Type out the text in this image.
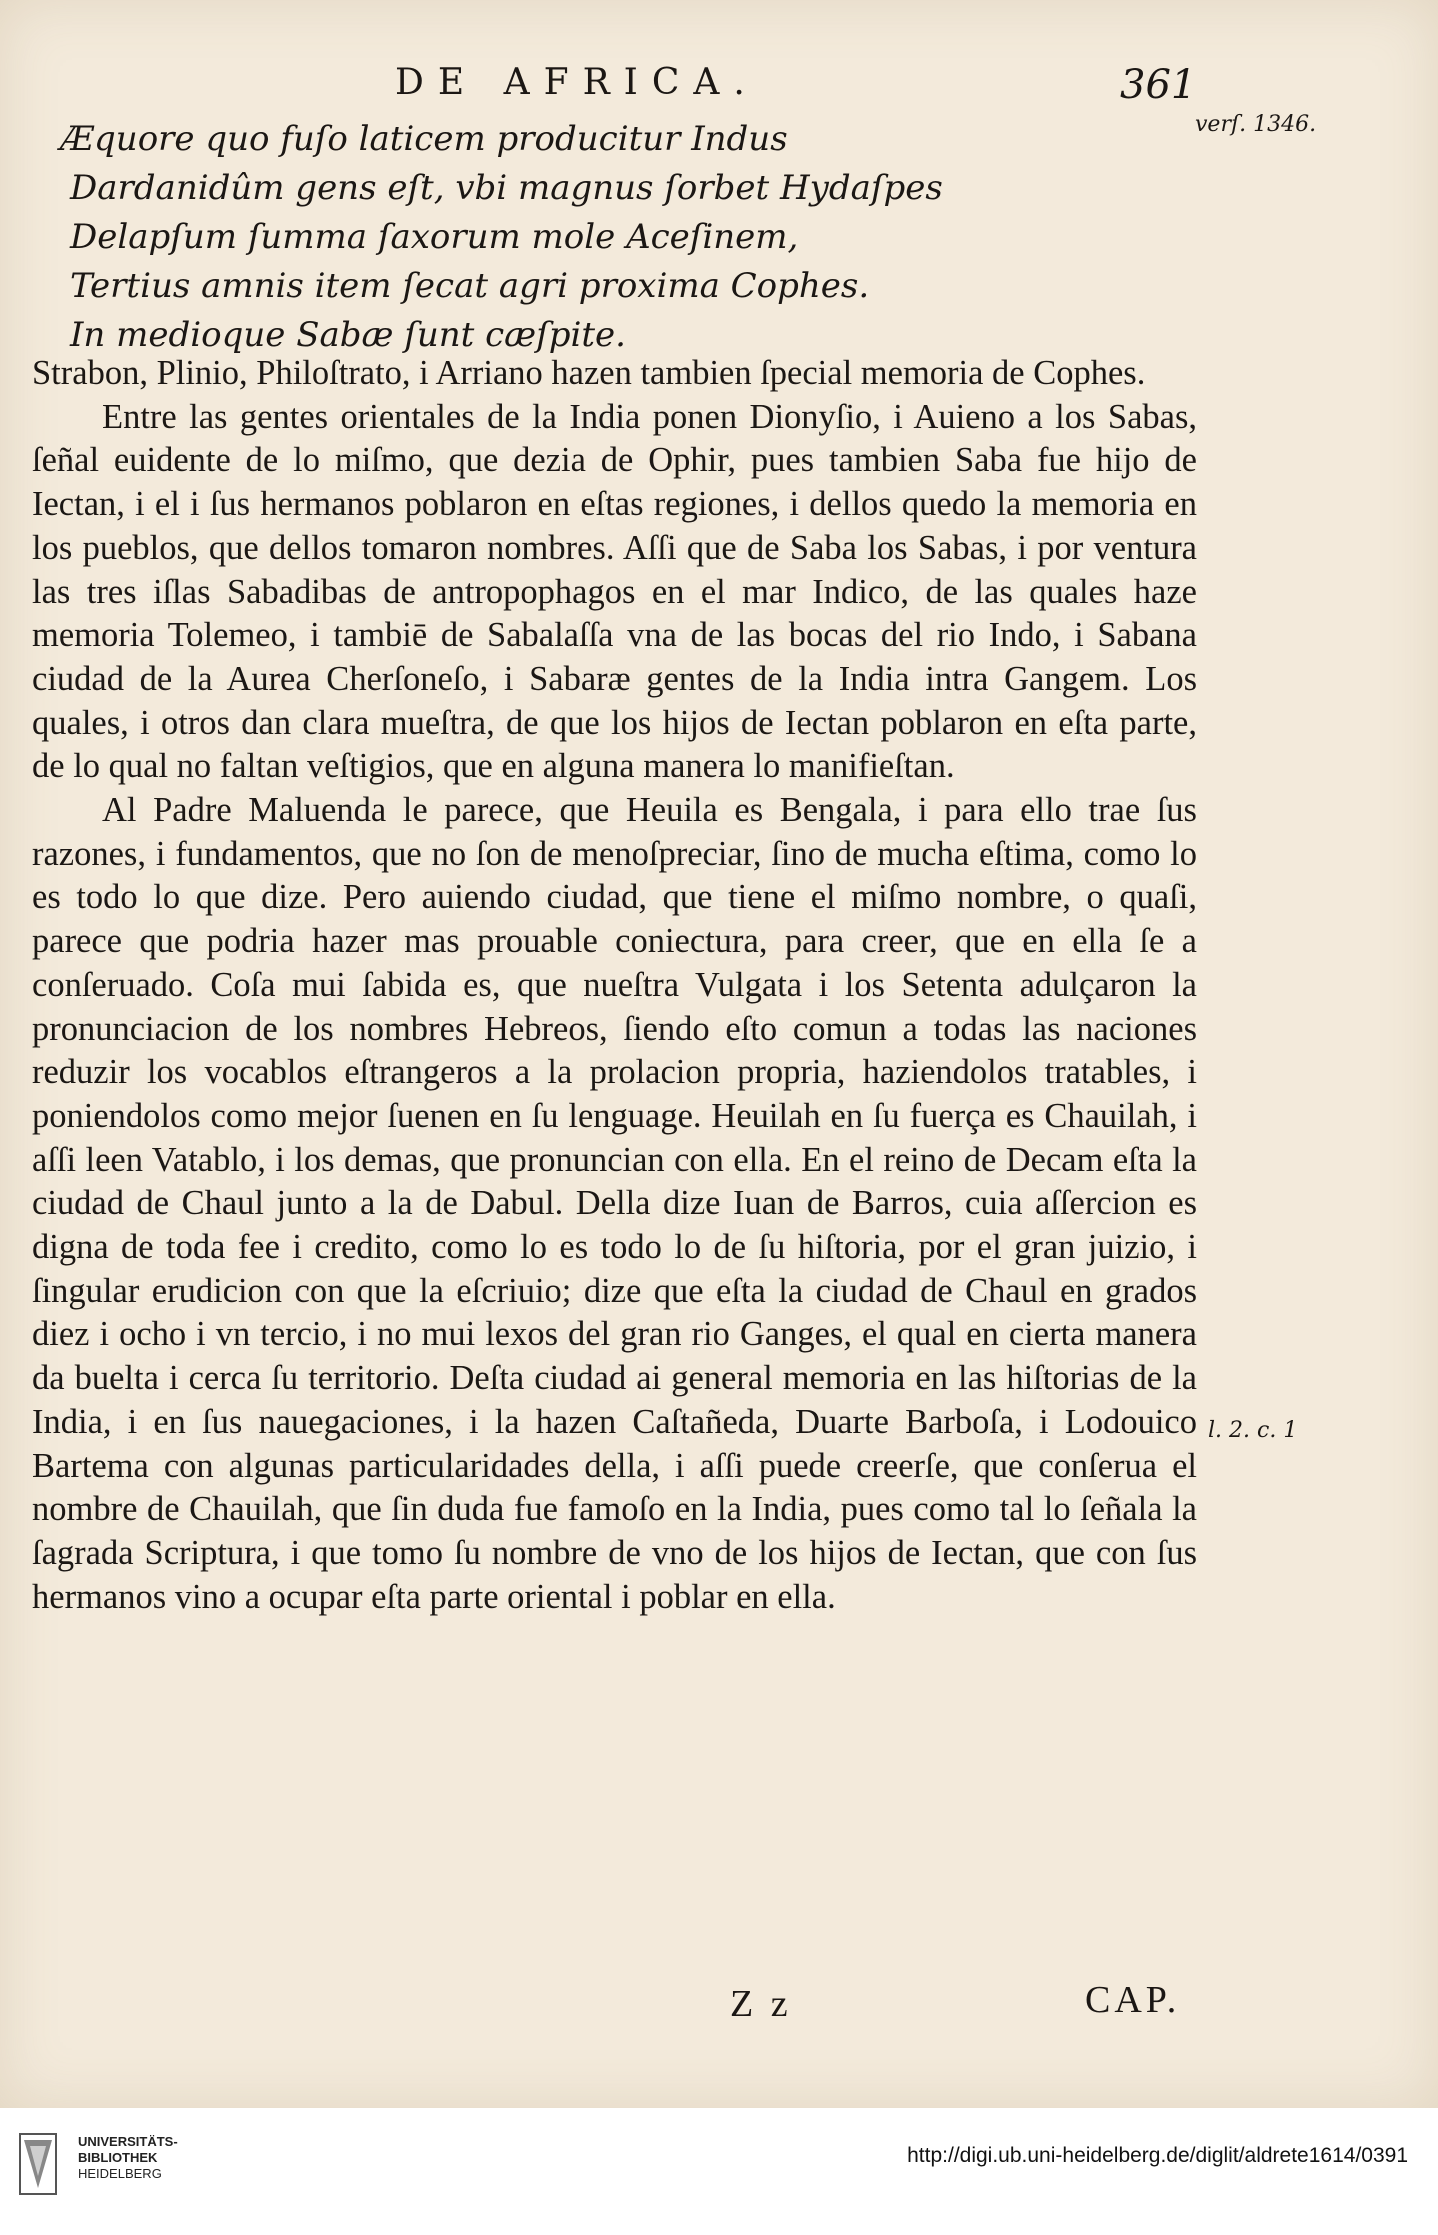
DE AFRICA.	361
verſ. 1346.
Æquore quo fuſo laticem producitur Indus
Dardanidûm gens eſt, vbi magnus ſorbet Hydaſpes
Delapſum ſumma ſaxorum mole Aceſinem,
Tertius amnis item ſecat agri proxima Cophes.
In medioque Sabæ ſunt cæſpite.

Strabon, Plinio, Philoſtrato, i Arriano hazen tambien ſpecial memoria de Cophes.

Entre las gentes orientales de la India ponen Dionyſio, i Auieno a los Sabas, ſeñal euidente de lo miſmo, que dezia de Ophir, pues tambien Saba fue hijo de Iectan, i el i ſus hermanos poblaron en eſtas regiones, i dellos quedo la memoria en los pueblos, que dellos tomaron nombres. Aſſi que de Saba los Sabas, i por ventura las tres iſlas Sabadibas de antropophagos en el mar Indico, de las quales haze memoria Tolemeo, i tambiē de Sabalaſſa vna de las bocas del rio Indo, i Sabana ciudad de la Aurea Cherſoneſo, i Sabaræ gentes de la India intra Gangem. Los quales, i otros dan clara mueſtra, de que los hijos de Iectan poblaron en eſta parte, de lo qual no faltan veſtigios, que en alguna manera lo manifieſtan.

Al Padre Maluenda le parece, que Heuila es Bengala, i para ello trae ſus razones, i fundamentos, que no ſon de menoſpreciar, ſino de mucha eſtima, como lo es todo lo que dize. Pero auiendo ciudad, que tiene el miſmo nombre, o quaſi, parece que podria hazer mas prouable coniectura, para creer, que en ella ſe a conſeruado. Coſa mui ſabida es, que nueſtra Vulgata i los Setenta adulçaron la pronunciacion de los nombres Hebreos, ſiendo eſto comun a todas las naciones reduzir los vocablos eſtrangeros a la prolacion propria, haziendolos tratables, i poniendolos como mejor ſuenen en ſu lenguage. Heuilah en ſu fuerça es Chauilah, i aſſi leen Vatablo, i los demas, que pronuncian con ella. En el reino de Decam eſta la ciudad de Chaul junto a la de Dabul. Della dize Iuan de Barros, cuia aſſercion es digna de toda fee i credito, como lo es todo lo de ſu hiſtoria, por el gran juizio, i ſingular erudicion con que la eſcriuio; dize que eſta la ciudad de Chaul en grados diez i ocho i vn tercio, i no mui lexos del gran rio Ganges, el qual en cierta manera da buelta i cerca ſu territorio. Deſta ciudad ai general memoria en las hiſtorias de la India, i en ſus nauegaciones, i la hazen Caſtañeda, Duarte Barboſa, i Lodouico Bartema con algunas particularidades della, i aſſi puede creerſe, que conſerua el nombre de Chauilah, que ſin duda fue famoſo en la India, pues como tal lo ſeñala la ſagrada Scriptura, i que tomo ſu nombre de vno de los hijos de Iectan, que con ſus hermanos vino a ocupar eſta parte oriental i poblar en ella.

l. 2. c. 1
Z z	CAP.
UNIVERSITÄTS-
BIBLIOTHEK
HEIDELBERG
http://digi.ub.uni-heidelberg.de/diglit/aldrete1614/0391
